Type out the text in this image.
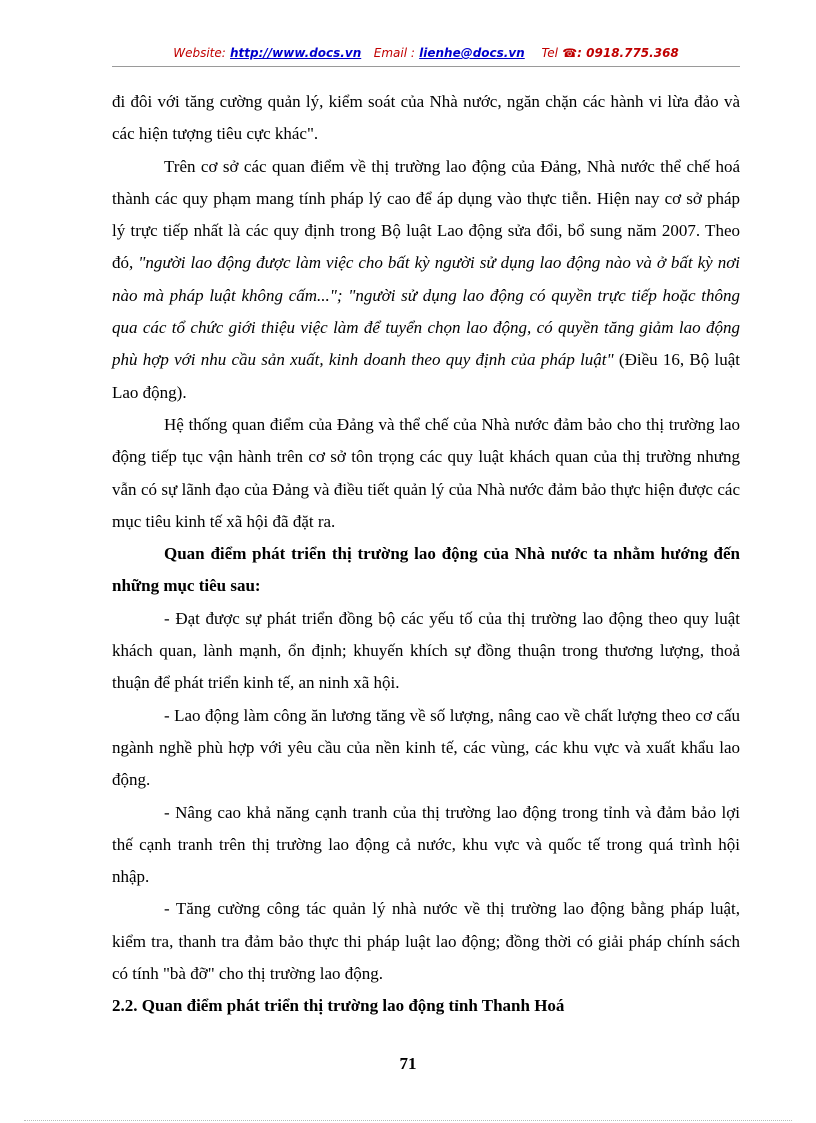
Website: http://www.docs.vn Email : lienhe@docs.vn Tel ☎: 0918.775.368

đi đôi với tăng cường quản lý, kiểm soát của Nhà nước, ngăn chặn các hành vi lừa đảo và các hiện tượng tiêu cực khác".

Trên cơ sở các quan điểm về thị trường lao động của Đảng, Nhà nước thể chế hoá thành các quy phạm mang tính pháp lý cao để áp dụng vào thực tiễn. Hiện nay cơ sở pháp lý trực tiếp nhất là các quy định trong Bộ luật Lao động sửa đổi, bổ sung năm 2007. Theo đó, "người lao động được làm việc cho bất kỳ người sử dụng lao động nào và ở bất kỳ nơi nào mà pháp luật không cấm..."; "người sử dụng lao động có quyền trực tiếp hoặc thông qua các tổ chức giới thiệu việc làm để tuyển chọn lao động, có quyền tăng giảm lao động phù hợp với nhu cầu sản xuất, kinh doanh theo quy định của pháp luật" (Điều 16, Bộ luật Lao động).

Hệ thống quan điểm của Đảng và thể chế của Nhà nước đảm bảo cho thị trường lao động tiếp tục vận hành trên cơ sở tôn trọng các quy luật khách quan của thị trường nhưng vẫn có sự lãnh đạo của Đảng và điều tiết quản lý của Nhà nước đảm bảo thực hiện được các mục tiêu kinh tế xã hội đã đặt ra.

Quan điểm phát triển thị trường lao động của Nhà nước ta nhằm hướng đến những mục tiêu sau:

- Đạt được sự phát triển đồng bộ các yếu tố của thị trường lao động theo quy luật khách quan, lành mạnh, ổn định; khuyến khích sự đồng thuận trong thương lượng, thoả thuận để phát triển kinh tế, an ninh xã hội.

- Lao động làm công ăn lương tăng về số lượng, nâng cao về chất lượng theo cơ cấu ngành nghề phù hợp với yêu cầu của nền kinh tế, các vùng, các khu vực và xuất khẩu lao động.

- Nâng cao khả năng cạnh tranh của thị trường lao động trong tỉnh và đảm bảo lợi thế cạnh tranh trên thị trường lao động cả nước, khu vực và quốc tế trong quá trình hội nhập.

- Tăng cường công tác quản lý nhà nước về thị trường lao động bằng pháp luật, kiểm tra, thanh tra đảm bảo thực thi pháp luật lao động; đồng thời có giải pháp chính sách có tính "bà đỡ" cho thị trường lao động.

2.2. Quan điểm phát triển thị trường lao động tỉnh Thanh Hoá

71
